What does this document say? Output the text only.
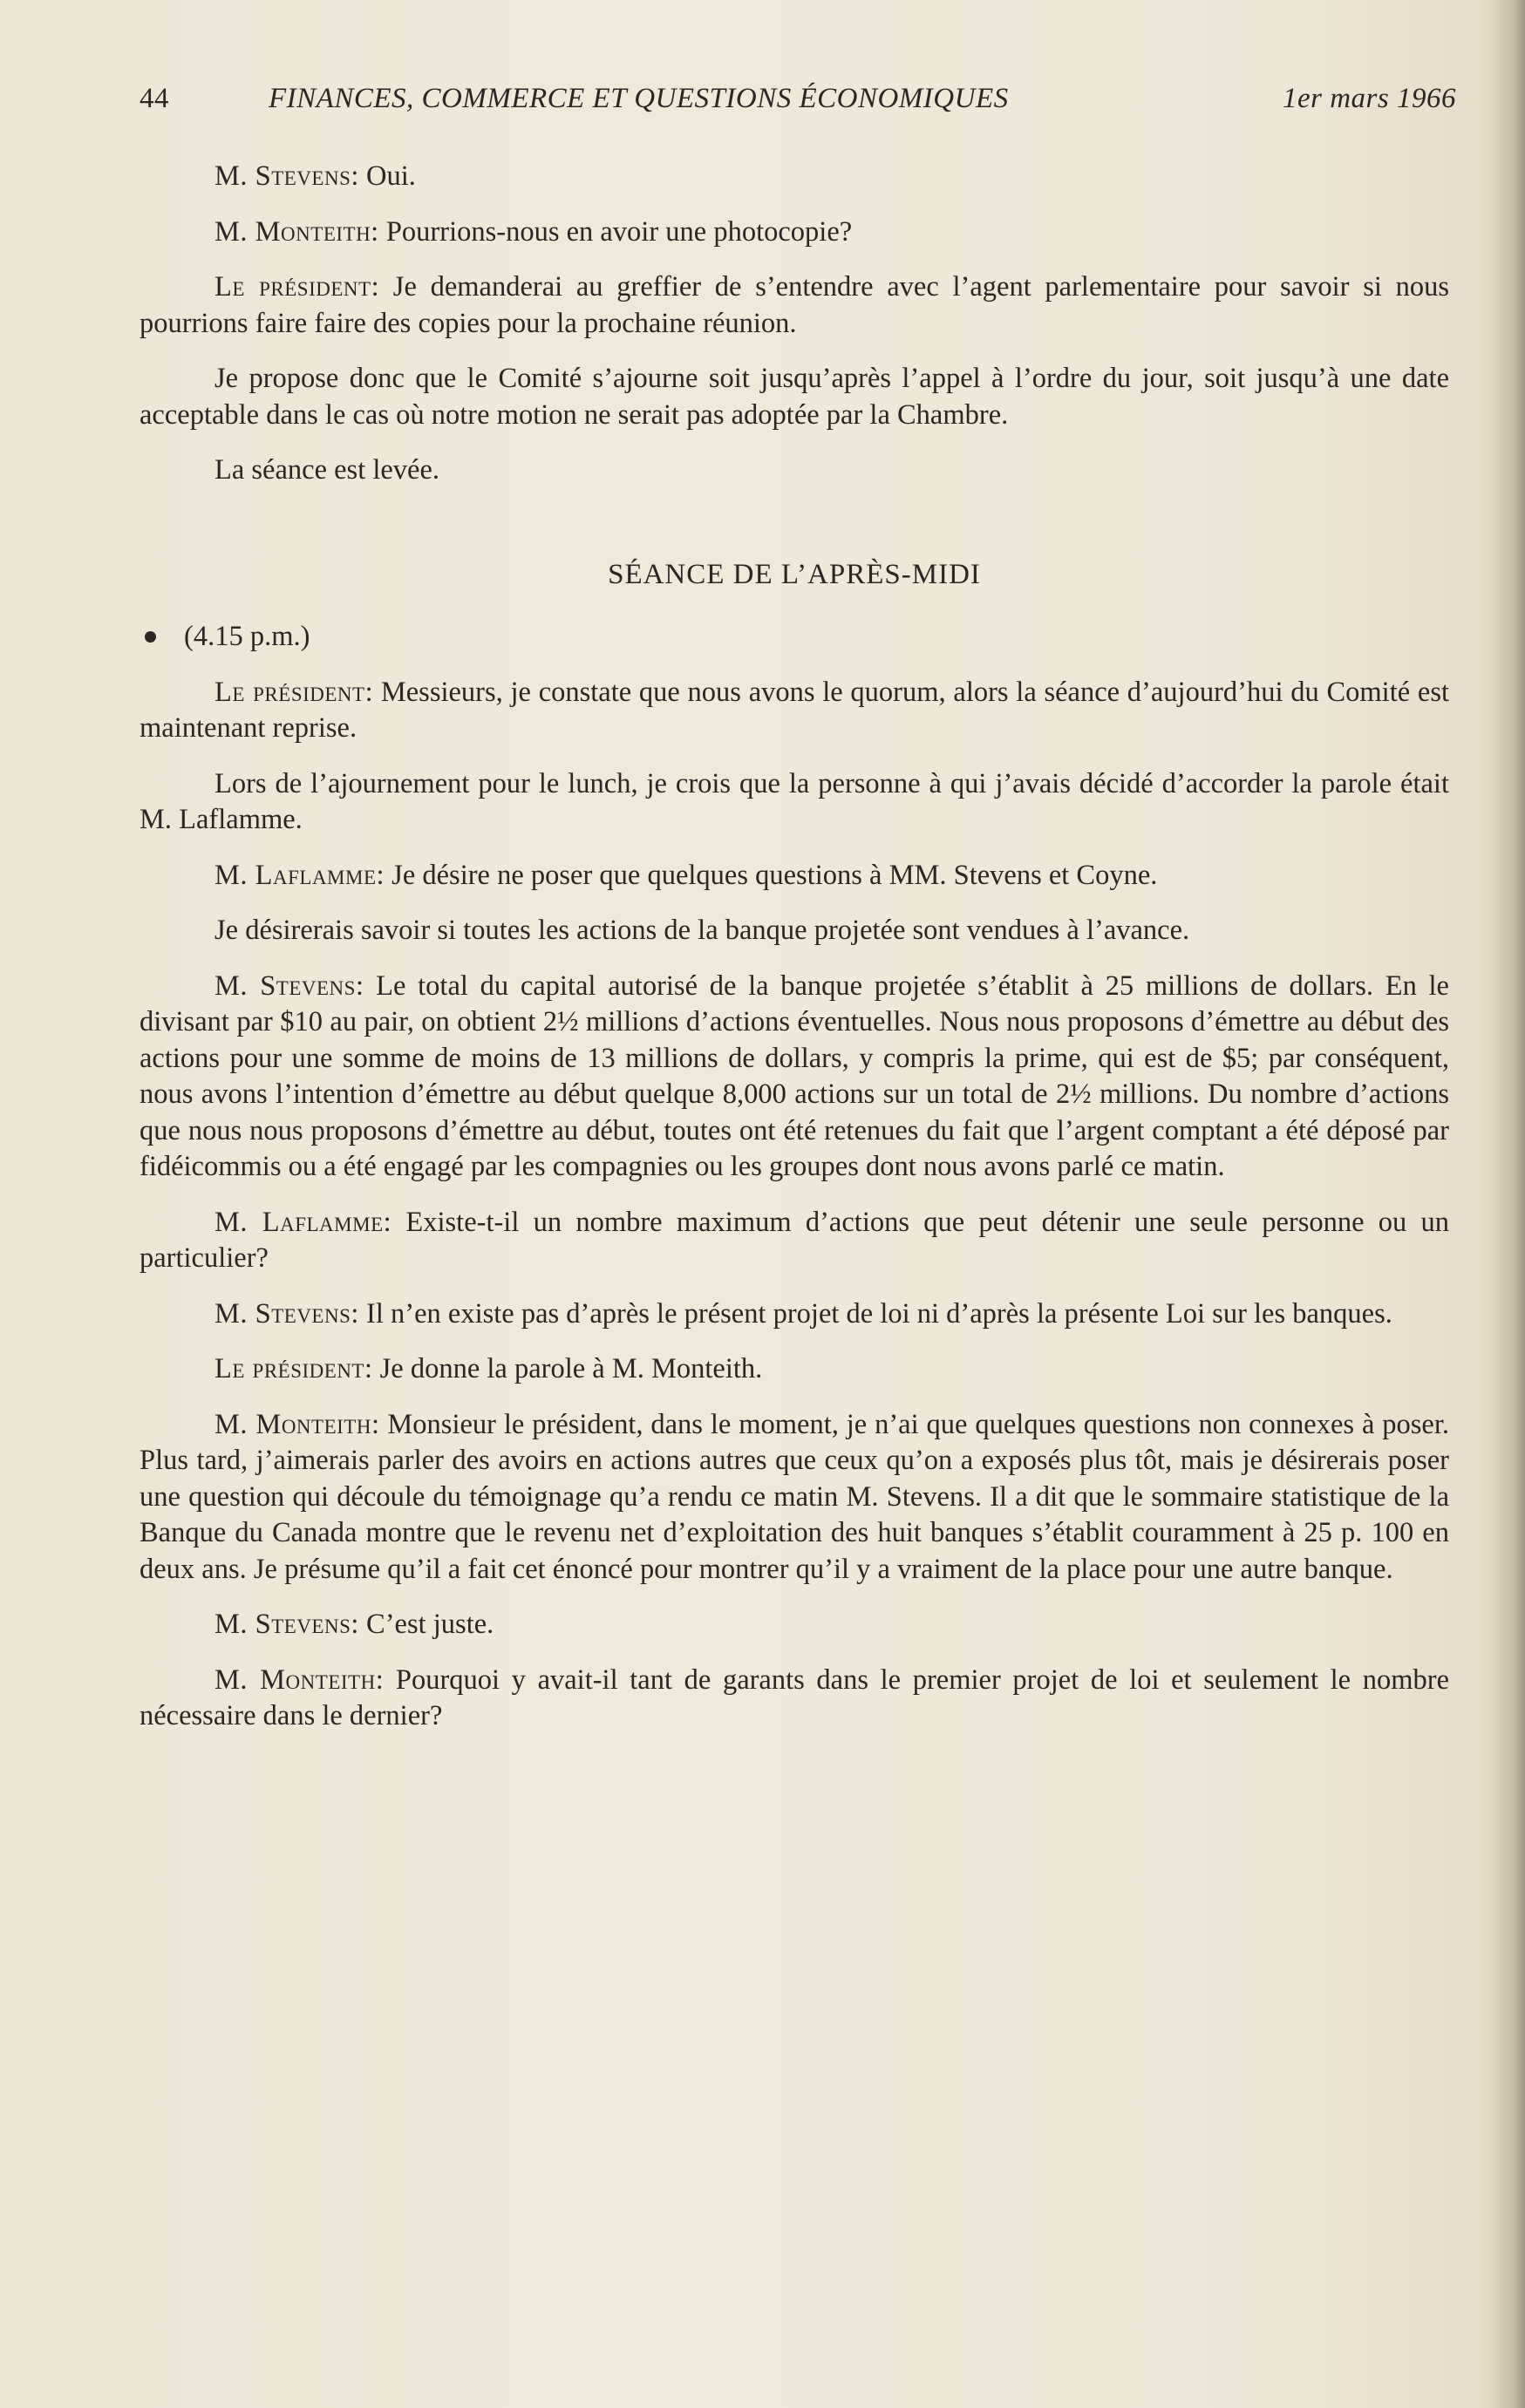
44	FINANCES, COMMERCE ET QUESTIONS ÉCONOMIQUES	1er mars 1966

M. Stevens: Oui.

M. Monteith: Pourrions-nous en avoir une photocopie?

Le président: Je demanderai au greffier de s’entendre avec l’agent parlementaire pour savoir si nous pourrions faire faire des copies pour la prochaine réunion.

Je propose donc que le Comité s’ajourne soit jusqu’après l’appel à l’ordre du jour, soit jusqu’à une date acceptable dans le cas où notre motion ne serait pas adoptée par la Chambre.

La séance est levée.

SÉANCE DE L’APRÈS-MIDI
(4.15 p.m.)

Le président: Messieurs, je constate que nous avons le quorum, alors la séance d’aujourd’hui du Comité est maintenant reprise.

Lors de l’ajournement pour le lunch, je crois que la personne à qui j’avais décidé d’accorder la parole était M. Laflamme.

M. Laflamme: Je désire ne poser que quelques questions à MM. Stevens et Coyne.

Je désirerais savoir si toutes les actions de la banque projetée sont vendues à l’avance.

M. Stevens: Le total du capital autorisé de la banque projetée s’établit à 25 millions de dollars. En le divisant par $10 au pair, on obtient 2½ millions d’actions éventuelles. Nous nous proposons d’émettre au début des actions pour une somme de moins de 13 millions de dollars, y compris la prime, qui est de $5; par conséquent, nous avons l’intention d’émettre au début quelque 8,000 actions sur un total de 2½ millions. Du nombre d’actions que nous nous proposons d’émettre au début, toutes ont été retenues du fait que l’argent comptant a été déposé par fidéicommis ou a été engagé par les compagnies ou les groupes dont nous avons parlé ce matin.

M. Laflamme: Existe-t-il un nombre maximum d’actions que peut détenir une seule personne ou un particulier?

M. Stevens: Il n’en existe pas d’après le présent projet de loi ni d’après la présente Loi sur les banques.

Le président: Je donne la parole à M. Monteith.

M. Monteith: Monsieur le président, dans le moment, je n’ai que quelques questions non connexes à poser. Plus tard, j’aimerais parler des avoirs en actions autres que ceux qu’on a exposés plus tôt, mais je désirerais poser une question qui découle du témoignage qu’a rendu ce matin M. Stevens. Il a dit que le sommaire statistique de la Banque du Canada montre que le revenu net d’exploitation des huit banques s’établit couramment à 25 p. 100 en deux ans. Je présume qu’il a fait cet énoncé pour montrer qu’il y a vraiment de la place pour une autre banque.

M. Stevens: C’est juste.

M. Monteith: Pourquoi y avait-il tant de garants dans le premier projet de loi et seulement le nombre nécessaire dans le dernier?
